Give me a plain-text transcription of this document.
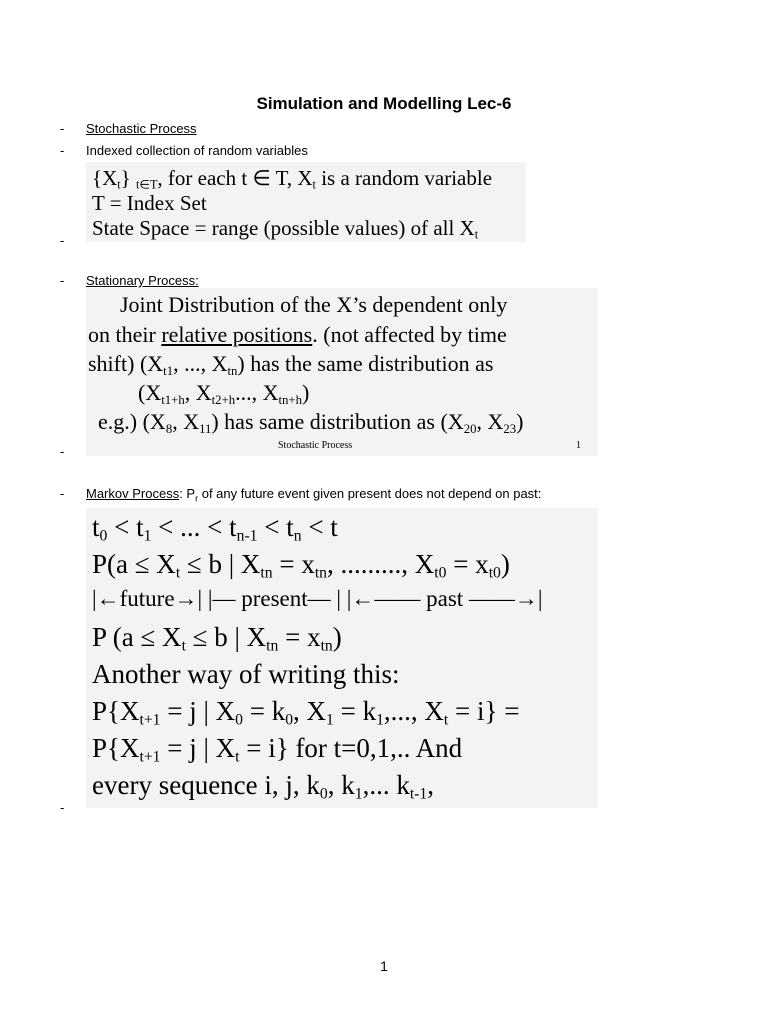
Simulation and Modelling Lec-6
- Stochastic Process
- Indexed collection of random variables
$\{X_t\}$ $_{t\in T}$, for each t ∈ T, $X_t$ is a random variable
T = Index Set
State Space = range (possible values) of all $X_t$
-
- Stationary Process:
Joint Distribution of the X’s dependent only
on their relative positions. (not affected by time
shift) ($X_{t1}$, ..., $X_{tn}$) has the same distribution as
($X_{t1+h}$, $X_{t2+h}$..., $X_{tn+h}$)
e.g.) ($X_8$, $X_{11}$) has same distribution as ($X_{20}$, $X_{23}$)
Stochastic Process	1
-
- Markov Process: $P_r$ of any future event given present does not depend on past:
$t_0 < t_1$ < ... < $t_{n-1} < t_n < t$
$P(a \le X_t \le b$ | $X_{tn} = x_{tn}$, ........., $X_{t0} = x_{t0}$)
|←future→| |— present— | |←—— past ——→|
P ($a \le X_t \le b$ | $X_{tn} = x_{tn}$)
Another way of writing this:
$P\{X_{t+1} = j$ | $X_0 = k_0$, $X_1 = k_1$,..., $X_t = i$} =
$P\{X_{t+1} = j$ | $X_t = i$} for t=0,1,.. And
every sequence i, j, $k_0$, $k_1$,... $k_{t-1}$,
-
1
